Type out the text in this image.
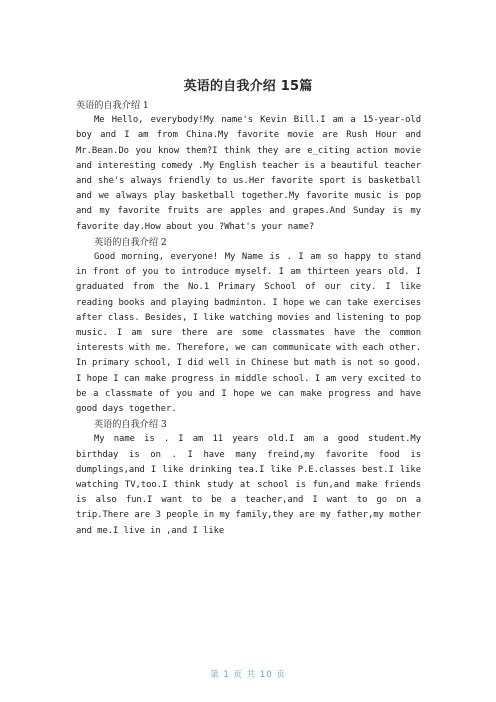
英语的自我介绍 15篇

英语的自我介绍 1

Me Hello, everybody!My name's Kevin Bill.I am a 15-year-old boy and I am from China.My favorite movie are Rush Hour and Mr.Bean.Do you know them?I think they are e_citing action movie and interesting comedy .My English teacher is a beautiful teacher and she's always friendly to us.Her favorite sport is basketball and we always play basketball together.My favorite music is pop and my favorite fruits are apples and grapes.And Sunday is my favorite day.How about you ?What's your name?

英语的自我介绍 2

Good morning, everyone! My Name is . I am so happy to stand in front of you to introduce myself. I am thirteen years old. I graduated from the No.1 Primary School of our city. I like reading books and playing badminton. I hope we can take exercises after class. Besides, I like watching movies and listening to pop music. I am sure there are some classmates have the common interests with me. Therefore, we can communicate with each other. In primary school, I did well in Chinese but math is not so good. I hope I can make progress in middle school. I am very excited to be a classmate of you and I hope we can make progress and have good days together.

英语的自我介绍 3

My name is . I am 11 years old.I am a good student.My birthday is on . I have many freind,my favorite food is dumplings,and I like drinking tea.I like P.E.classes best.I like watching TV,too.I think study at school is fun,and make friends is also fun.I want to be a teacher,and I want to go on a trip.There are 3 people in my family,they are my father,my mother and me.I live in ,and I like

第 1 页 共 10 页
